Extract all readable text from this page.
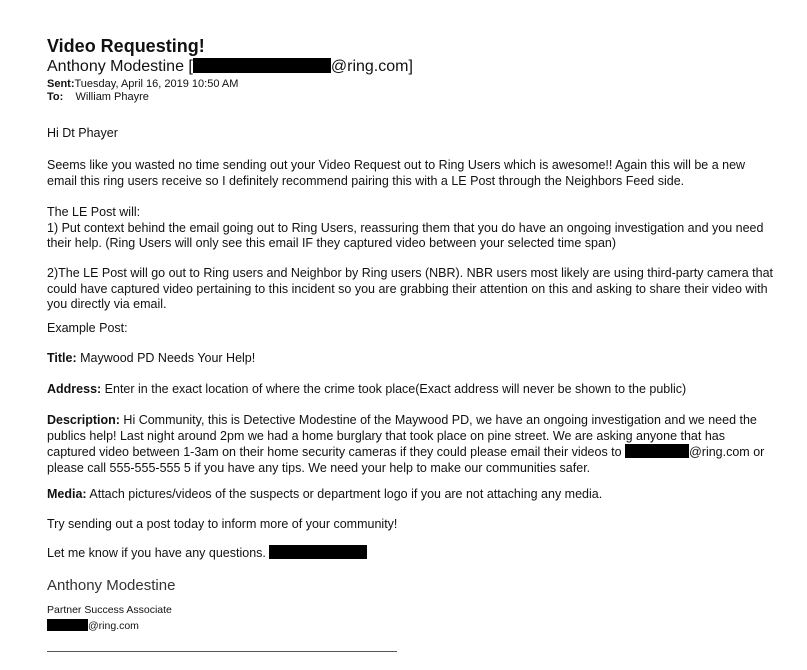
Video Requesting!
Anthony Modestine [	@ring.com]
Sent:Tuesday, April 16, 2019 10:50 AM
To: William Phayre

Hi Dt Phayer

Seems like you wasted no time sending out your Video Request out to Ring Users which is awesome!! Again this will be a new email this ring users receive so I definitely recommend pairing this with a LE Post through the Neighbors Feed side.

The LE Post will:

1) Put context behind the email going out to Ring Users, reassuring them that you do have an ongoing investigation and you need their help. (Ring Users will only see this email IF they captured video between your selected time span)

2)The LE Post will go out to Ring users and Neighbor by Ring users (NBR). NBR users most likely are using third-party camera that could have captured video pertaining to this incident so you are grabbing their attention on this and asking to share their video with you directly via email.

Example Post:

Title: Maywood PD Needs Your Help!

Address: Enter in the exact location of where the crime took place(Exact address will never be shown to the public)

Description: Hi Community, this is Detective Modestine of the Maywood PD, we have an ongoing investigation and we need the publics help! Last night around 2pm we had a home burglary that took place on pine street. We are asking anyone that has captured video between 1-3am on their home security cameras if they could please email their videos to	@ring.com or please call 555-555-555 5 if you have any tips. We need your help to make our communities safer.

Media: Attach pictures/videos of the suspects or department logo if you are not attaching any media.

Try sending out a post today to inform more of your community!

Let me know if you have any questions.

Anthony Modestine
Partner Success Associate
@ring.com
